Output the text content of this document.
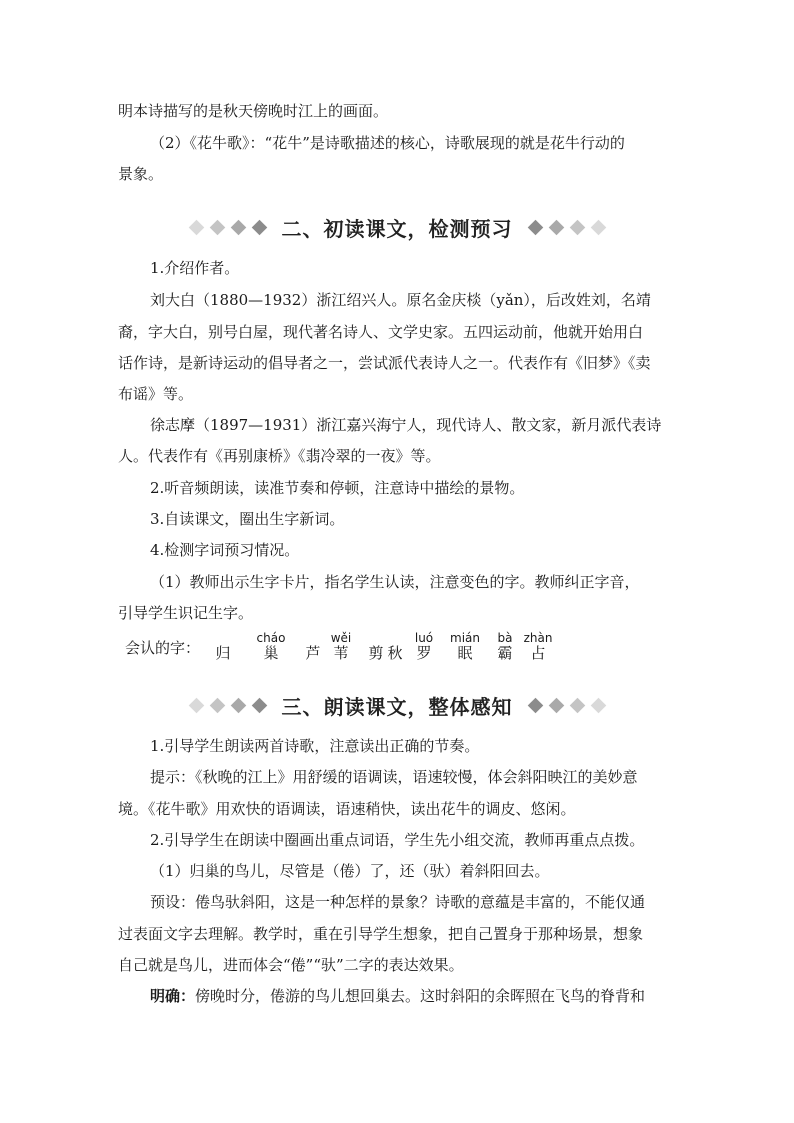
明本诗描写的是秋天傍晚时江上的画面。
（2）《花牛歌》：“花牛”是诗歌描述的核心，诗歌展现的就是花牛行动的
景象。
二、初读课文，检测预习
1.介绍作者。
刘大白（1880—1932）浙江绍兴人。原名金庆棪（yǎn），后改姓刘，名靖
裔，字大白，别号白屋，现代著名诗人、文学史家。五四运动前，他就开始用白
话作诗，是新诗运动的倡导者之一，尝试派代表诗人之一。代表作有《旧梦》《卖
布谣》等。
徐志摩（1897—1931）浙江嘉兴海宁人，现代诗人、散文家，新月派代表诗
人。代表作有《再别康桥》《翡冷翠的一夜》等。
2.听音频朗读，读准节奏和停顿，注意诗中描绘的景物。
3.自读课文，圈出生字新词。
4.检测字词预习情况。
（1）教师出示生字卡片，指名学生认读，注意变色的字。教师纠正字音，
引导学生识记生字。
会认的字：	归
cháo
巢	芦
wěi
苇	剪 秋
luó
罗
mián
眠
bà
霸
zhàn
占
三、朗读课文，整体感知
1.引导学生朗读两首诗歌，注意读出正确的节奏。
提示：《秋晚的江上》用舒缓的语调读，语速较慢，体会斜阳映江的美妙意
境。《花牛歌》用欢快的语调读，语速稍快，读出花牛的调皮、悠闲。
2.引导学生在朗读中圈画出重点词语，学生先小组交流，教师再重点点拨。
（1）归巢的鸟儿，尽管是（倦）了，还（驮）着斜阳回去。
预设：倦鸟驮斜阳，这是一种怎样的景象？诗歌的意蕴是丰富的，不能仅通
过表面文字去理解。教学时，重在引导学生想象，把自己置身于那种场景，想象
自己就是鸟儿，进而体会“倦”“驮”二字的表达效果。
明确：傍晚时分，倦游的鸟儿想回巢去。这时斜阳的余晖照在飞鸟的脊背和
